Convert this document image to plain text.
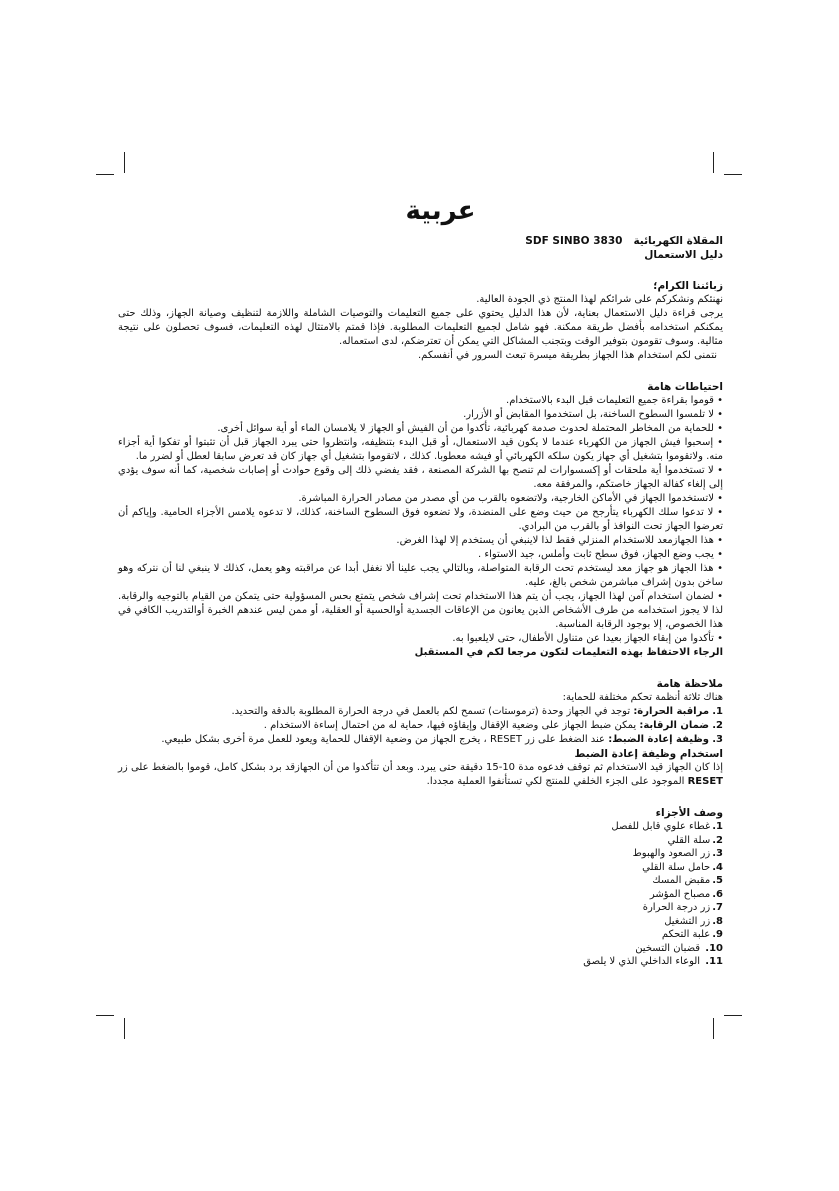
عربية
المقلاة الكهربائية   SDF SINBO 3830
دليل الاستعمال
زبائننا الكرام؛
نهنئكم ونشكركم على شرائكم لهذا المنتج ذي الجودة العالية.
يرجى قراءة دليل الاستعمال بعناية، لأن هذا الدليل يحتوي على جميع التعليمات والتوصيات الشاملة واللازمة لتنظيف وصيانة الجهاز، وذلك حتى يمكنكم استخدامه بأفضل طريقة ممكنة. فهو شامل لجميع التعليمات المطلوبة. فإذا قمتم بالامتثال لهذه التعليمات، فسوف تحصلون على نتيجة مثالية. وسوف تقومون بتوفير الوقت وبتجنب المشاكل التي يمكن أن تعترضكم، لدى استعماله.
نتمنى لكم استخدام هذا الجهاز بطريقة ميسرة تبعث السرور في أنفسكم.
احتياطات هامة
• قوموا بقراءة جميع التعليمات قبل البدء بالاستخدام.
• لا تلمسوا السطوح الساخنة، بل استخدموا المقابض أو الأزرار.
• للحماية من المخاطر المحتملة لحدوث صدمة كهربائية، تأكدوا من أن الفيش أو الجهاز لا يلامسان الماء أو أية سوائل أخرى.
• إسحبوا فيش الجهاز من الكهرباء عندما لا يكون قيد الاستعمال، أو قبل البدء بتنظيفه، وانتظروا حتى يبرد الجهاز قبل أن تثبتوا أو تفكوا أية أجزاء منه. ولاتقوموا بتشغيل أي جهاز يكون سلكه الكهربائي أو فيشه معطوبا. كذلك ، لاتقوموا بتشغيل أي جهاز كان قد تعرض سابقا لعطل أو لضرر ما.
• لا تستخدموا أية ملحقات أو إكسسوارات لم تنصح بها الشركة المصنعة ، فقد يفضي ذلك إلى وقوع حوادث أو إصابات شخصية، كما أنه سوف يؤدي إلى إلغاء كفالة الجهاز خاصتكم، والمرفقة معه.
• لاتستخدموا الجهاز في الأماكن الخارجية، ولاتضعوه بالقرب من أي مصدر من مصادر الحرارة المباشرة.
• لا تدعوا سلك الكهرباء يتأرجح من حيث وضع على المنضدة، ولا تضعوه فوق السطوح الساخنة، كذلك، لا تدعوه يلامس الأجزاء الحامية. وإياكم أن تعرضوا الجهاز تحت النوافذ أو بالقرب من البرادي.
• هذا الجهازمعد للاستخدام المنزلي فقط لذا لاينبغي أن يستخدم إلا لهذا الغرض.
• يجب وضع الجهاز، فوق سطح ثابت وأملس، جيد الاستواء .
• هذا الجهاز هو جهاز معد ليستخدم تحت الرقابة المتواصلة، وبالتالي يجب علينا ألا نغفل أبدا عن مراقبته وهو يعمل، كذلك لا ينبغي لنا أن نتركه وهو ساخن بدون إشراف مباشرمن شخص بالغ، عليه.
• لضمان استخدام آمن لهذا الجهاز، يجب أن يتم هذا الاستخدام تحت إشراف شخص يتمتع بحس المسؤولية حتى يتمكن من القيام بالتوجيه والرقابة. لذا لا يجوز استخدامه من طرف الأشخاص الذين يعانون من الإعاقات الجسدية أوالحسية أو العقلية، أو ممن ليس عندهم الخبرة أوالتدريب الكافي في هذا الخصوص، إلا بوجود الرقابة المناسبة.
• تأكدوا من إبقاء الجهاز بعيدا عن متناول الأطفال، حتى لايلعبوا به.
الرجاء الاحتفاظ بهذه التعليمات لتكون مرجعا لكم في المستقبل
ملاحظة هامة
هناك ثلاثة أنظمة تحكم مختلفة للحماية:
1. مراقبة الحرارة: توجد في الجهاز وحدة (ترموستات) تسمح لكم بالعمل في درجة الحرارة المطلوبة بالدقة والتحديد.
2. ضمان الرقابة: يمكن ضبط الجهاز على وضعية الإقفال وإيقاؤه فيها، حماية له من احتمال إساءة الاستخدام .
3. وظيفة إعادة الضبط: عند الضغط على زر RESET ، يخرج الجهاز من وضعية الإقفال للحماية ويعود للعمل مرة أخرى بشكل طبيعي.
استخدام وظيفة إعادة الضبط
إذا كان الجهاز قيد الاستخدام ثم توقف فدعوه مدة 10-15 دقيقة حتى يبرد. وبعد أن تتأكدوا من أن الجهازقد برد بشكل كامل، قوموا بالضغط على زر RESET الموجود على الجزء الخلفي للمنتج لكي تستأنفوا العملية مجددا.
وصف الأجزاء
1.غطاء علوي قابل للفصل
2.سلة القلي
3.زر الصعود والهبوط
4.حامل سلة القلي
5.مقبض المسك
6.مصباح المؤشر
7.زر درجة الحرارة
8.زر التشغيل
9.علبة التحكم
10. قضبان التسخين
11. الوعاء الداخلي الذي لا يلصق
